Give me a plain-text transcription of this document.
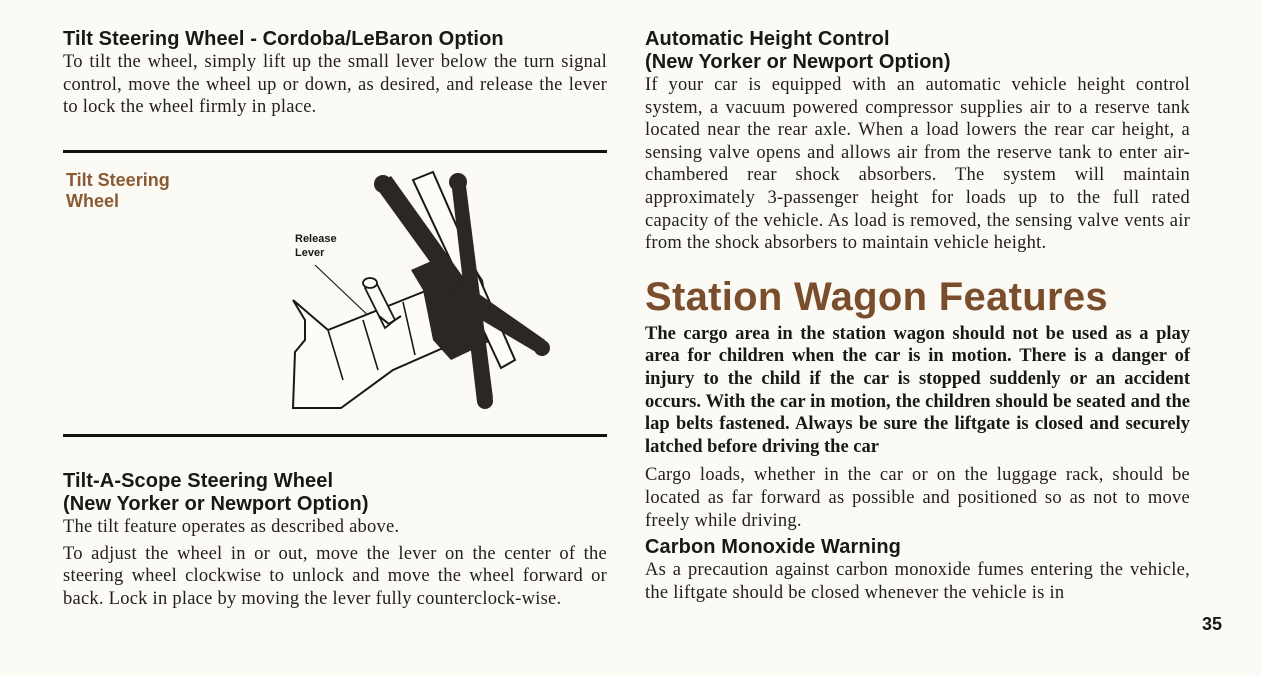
Tilt Steering Wheel - Cordoba/LeBaron Option

To tilt the wheel, simply lift up the small lever below the turn signal control, move the wheel up or down, as desired, and release the lever to lock the wheel firmly in place.

Tilt Steering
Wheel
Release
Lever
Tilt-A-Scope Steering Wheel
(New Yorker or Newport Option)

The tilt feature operates as described above.

To adjust the wheel in or out, move the lever on the center of the steering wheel clockwise to unlock and move the wheel forward or back. Lock in place by moving the lever fully counterclock-wise.

Automatic Height Control
(New Yorker or Newport Option)

If your car is equipped with an automatic vehicle height control system, a vacuum powered compressor supplies air to a reserve tank located near the rear axle. When a load lowers the rear car height, a sensing valve opens and allows air from the reserve tank to enter air-chambered rear shock absorbers. The system will maintain approximately 3-passenger height for loads up to the full rated capacity of the vehicle. As load is removed, the sensing valve vents air from the shock absorbers to maintain vehicle height.

Station Wagon Features

The cargo area in the station wagon should not be used as a play area for children when the car is in motion. There is a danger of injury to the child if the car is stopped suddenly or an accident occurs. With the car in motion, the children should be seated and the lap belts fastened. Always be sure the liftgate is closed and securely latched before driving the car

Cargo loads, whether in the car or on the luggage rack, should be located as far forward as possible and positioned so as not to move freely while driving.

Carbon Monoxide Warning

As a precaution against carbon monoxide fumes entering the vehicle, the liftgate should be closed whenever the vehicle is in

35
